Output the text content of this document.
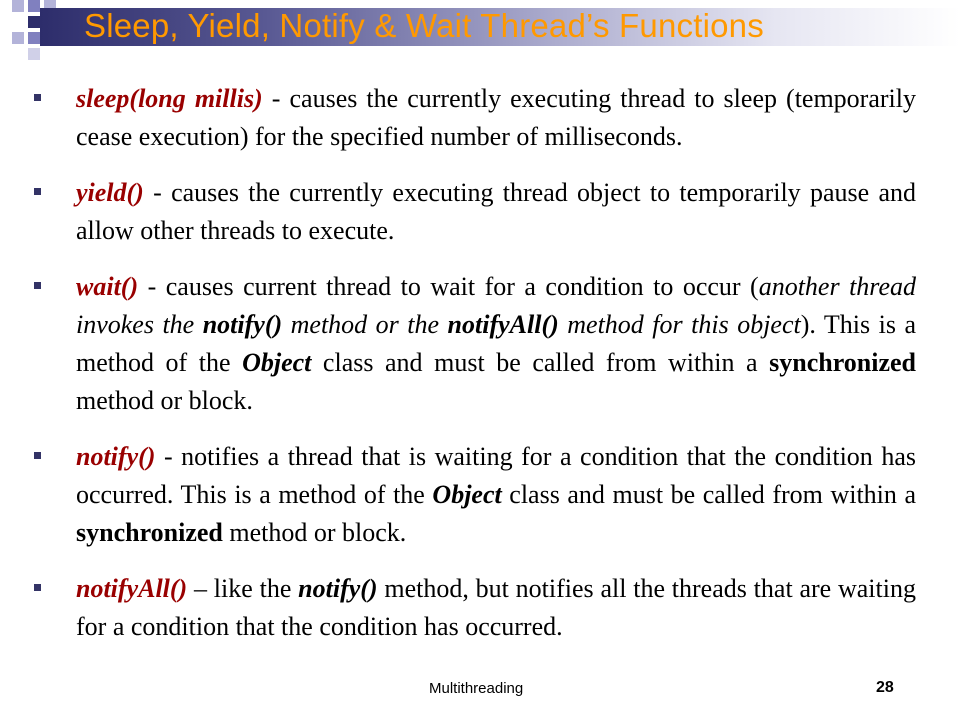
Sleep, Yield, Notify & Wait Thread’s Functions
sleep(long millis) - causes the currently executing thread to sleep (temporarily cease execution) for the specified number of milliseconds.
yield() - causes the currently executing thread object to temporarily pause and allow other threads to execute.
wait() - causes current thread to wait for a condition to occur (another thread invokes the notify() method or the notifyAll() method for this object). This is a method of the Object class and must be called from within a synchronized method or block.
notify() - notifies a thread that is waiting for a condition that the condition has occurred. This is a method of the Object class and must be called from within a synchronized method or block.
notifyAll() – like the notify() method, but notifies all the threads that are waiting for a condition that the condition has occurred.
Multithreading	28
